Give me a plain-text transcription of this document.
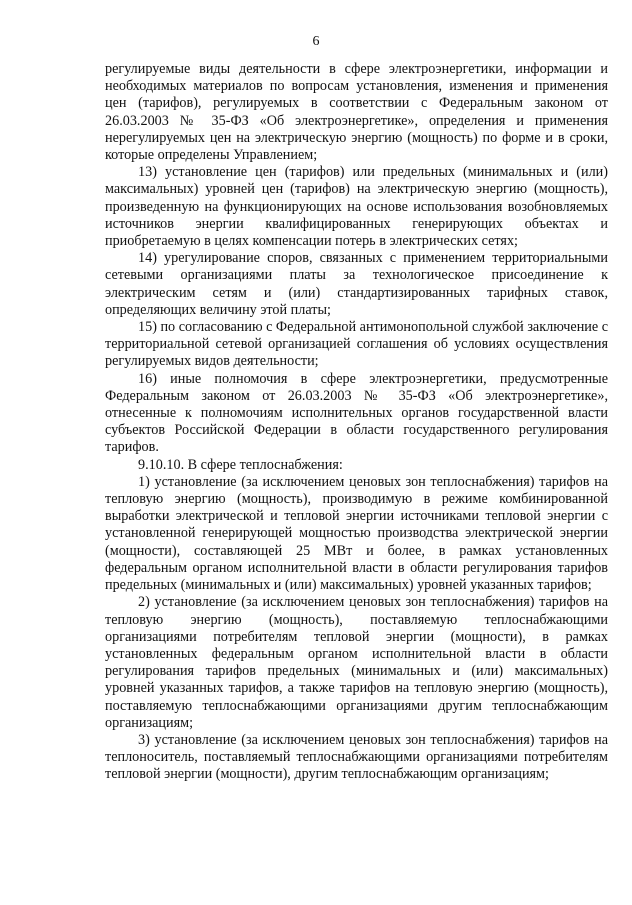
6

регулируемые виды деятельности в сфере электроэнергетики, информации и необходимых материалов по вопросам установления, изменения и применения цен (тарифов), регулируемых в соответствии с Федеральным законом от 26.03.2003 № 35-ФЗ «Об электроэнергетике», определения и применения нерегулируемых цен на электрическую энергию (мощность) по форме и в сроки, которые определены Управлением;

13) установление цен (тарифов) или предельных (минимальных и (или) максимальных) уровней цен (тарифов) на электрическую энергию (мощность), произведенную на функционирующих на основе использования возобновляемых источников энергии квалифицированных генерирующих объектах и приобретаемую в целях компенсации потерь в электрических сетях;

14) урегулирование споров, связанных с применением территориальными сетевыми организациями платы за технологическое присоединение к электрическим сетям и (или) стандартизированных тарифных ставок, определяющих величину этой платы;

15) по согласованию с Федеральной антимонопольной службой заключение с территориальной сетевой организацией соглашения об условиях осуществления регулируемых видов деятельности;

16) иные полномочия в сфере электроэнергетики, предусмотренные Федеральным законом от 26.03.2003 № 35-ФЗ «Об электроэнергетике», отнесенные к полномочиям исполнительных органов государственной власти субъектов Российской Федерации в области государственного регулирования тарифов.

9.10.10. В сфере теплоснабжения:

1) установление (за исключением ценовых зон теплоснабжения) тарифов на тепловую энергию (мощность), производимую в режиме комбинированной выработки электрической и тепловой энергии источниками тепловой энергии с установленной генерирующей мощностью производства электрической энергии (мощности), составляющей 25 МВт и более, в рамках установленных федеральным органом исполнительной власти в области регулирования тарифов предельных (минимальных и (или) максимальных) уровней указанных тарифов;

2) установление (за исключением ценовых зон теплоснабжения) тарифов на тепловую энергию (мощность), поставляемую теплоснабжающими организациями потребителям тепловой энергии (мощности), в рамках установленных федеральным органом исполнительной власти в области регулирования тарифов предельных (минимальных и (или) максимальных) уровней указанных тарифов, а также тарифов на тепловую энергию (мощность), поставляемую теплоснабжающими организациями другим теплоснабжающим организациям;

3) установление (за исключением ценовых зон теплоснабжения) тарифов на теплоноситель, поставляемый теплоснабжающими организациями потребителям тепловой энергии (мощности), другим теплоснабжающим организациям;
